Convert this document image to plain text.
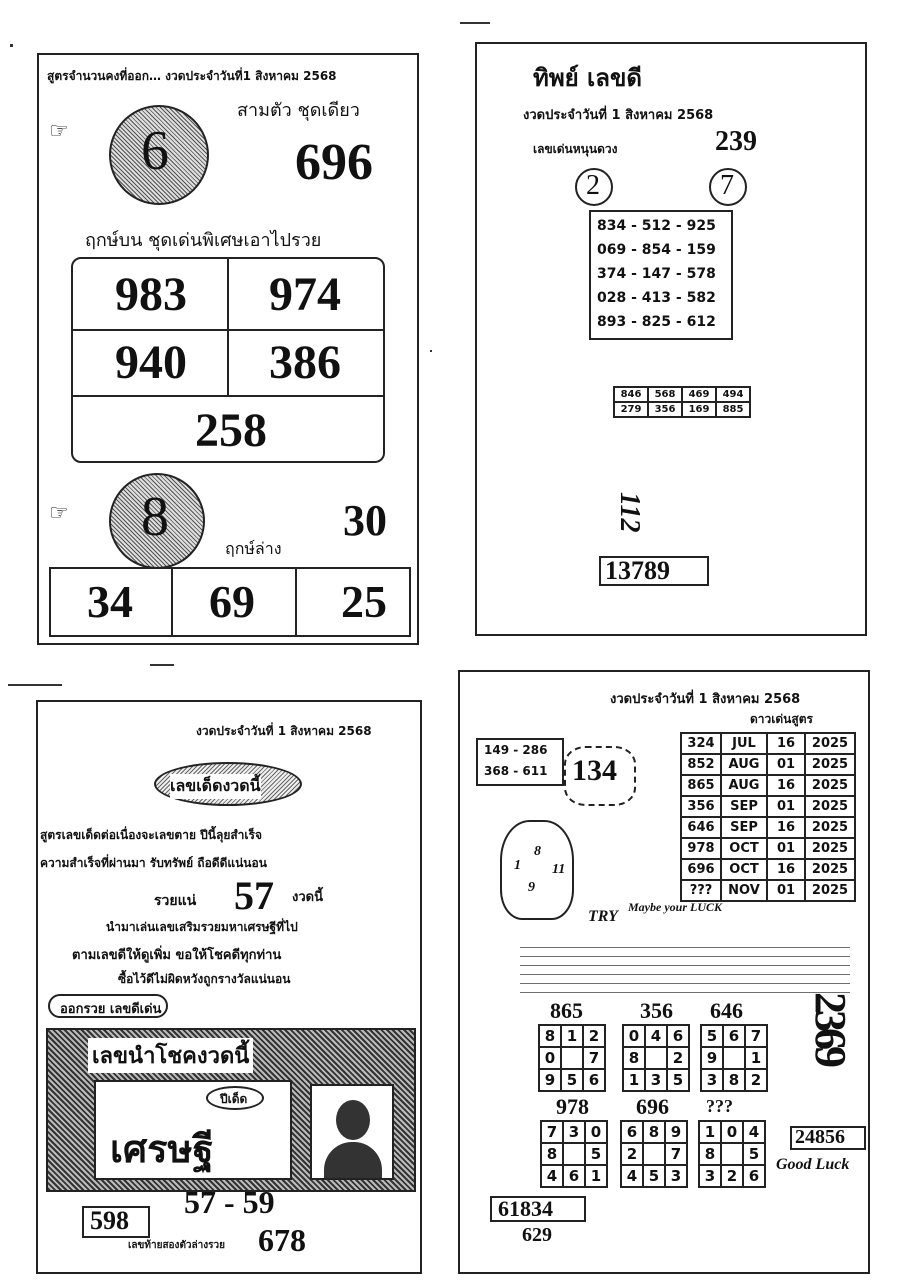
สูตรจำนวนคงที่ออก… งวดประจำวันที่1 สิงหาคม 2568
สามตัว ชุดเดียว
☞ 6 696
ฤกษ์บน ชุดเด่นพิเศษเอาไปรวย
983 974
940 386
258
☞ 8	30
ฤกษ์ล่าง
34 69 25
ทิพย์ เลขดี
งวดประจำวันที่ 1 สิงหาคม 2568
เลขเด่นหนุนดวง	239
2	7
834 - 512 - 925
069 - 854 - 159
374 - 147 - 578
028 - 413 - 582
893 - 825 - 612
846	568	469	494
279	356	169	885
112
13789
งวดประจำวันที่ 1 สิงหาคม 2568
เลขเด็ดงวดนี้
สูตรเลขเด็ดต่อเนื่องจะเลขตาย ปีนี้ลุยสำเร็จ
ความสำเร็จที่ผ่านมา รับทรัพย์ ถือดีดีแน่นอน
รวยแน่ 57 งวดนี้
นำมาเล่นเลขเสริมรวยมหาเศรษฐีที่ไป
ตามเลขดีให้ดูเพิ่ม ขอให้โชคดีทุกท่าน
ซื้อไว้ดีไม่ผิดหวังถูกรางวัลแน่นอน
ออกรวย เลขดีเด่น
เลขนำโชคงวดนี้
ปีเด็ด
เศรษฐี
598
57 - 59
678
เลขท้ายสองตัวล่างรวย
งวดประจำวันที่ 1 สิงหาคม 2568
ดาวเด่นสูตร
149 - 286
368 - 611 134
324	JUL	16	2025
852	AUG	01	2025
865	AUG	16	2025
356	SEP	01	2025
646	SEP	16	2025
978	OCT	01	2025
696	OCT	16	2025
???	NOV	01	2025
1
8
9
11
TRY
Maybe your LUCK
865	356 646
8	1	2
0		7
9	5	6
0	4	6
8		2
1	3	5
5	6	7
9		1
3	8	2
978 696 ???
7	3	0
8		5
4	6	1
6	8	9
2		7
4	5	3
1	0	4
8		5
3	2	6
2369
24856
Good Luck
61834
629
